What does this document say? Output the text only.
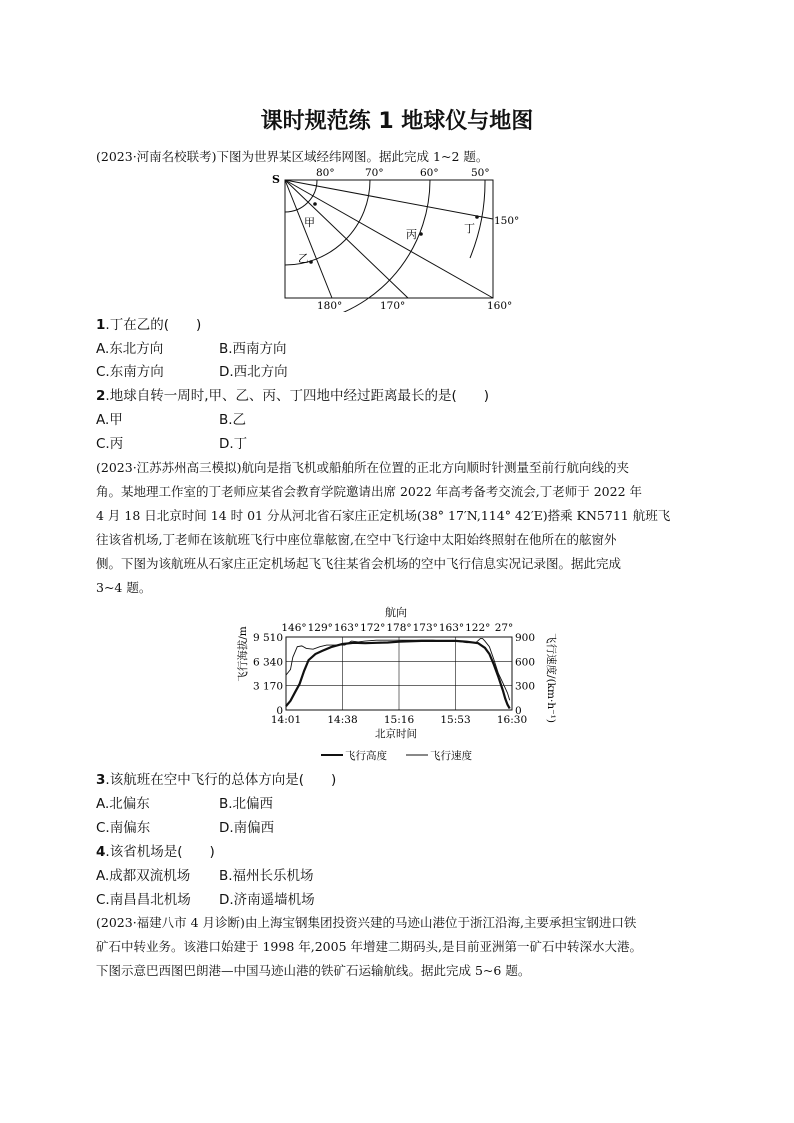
课时规范练 1 地球仪与地图

(2023·河南名校联考)下图为世界某区域经纬网图。据此完成 1~2 题。

S	80°	70°	60°	50°
150°
180°	170°	160°
甲
乙
丙	丁
1.丁在乙的(　　)
A.东北方向	B.西南方向
C.东南方向	D.西北方向
2.地球自转一周时,甲、乙、丙、丁四地中经过距离最长的是(　　)
A.甲	B.乙
C.丙	D.丁
(2023·江苏苏州高三模拟)航向是指飞机或船舶所在位置的正北方向顺时针测量至前行航向线的夹
角。某地理工作室的丁老师应某省会教育学院邀请出席 2022 年高考备考交流会,丁老师于 2022 年
4 月 18 日北京时间 14 时 01 分从河北省石家庄正定机场(38° 17′N,114° 42′E)搭乘 KN5711 航班飞
往该省机场,丁老师在该航班飞行中座位靠舷窗,在空中飞行途中太阳始终照射在他所在的舷窗外
侧。下图为该航班从石家庄正定机场起飞飞往某省会机场的空中飞行信息实况记录图。据此完成
3~4 题。
航向
146° 129° 163° 172° 178° 173° 163° 122° 27°
9 510
6 340
3 170
0
900
600
300
0
14:01 14:38 15:16 15:53 16:30
飞行海拔/m	飞行速度/(km·h⁻¹)
北京时间
飞行高度	飞行速度
3.该航班在空中飞行的总体方向是(　　)
A.北偏东	B.北偏西
C.南偏东	D.南偏西
4.该省机场是(　　)
A.成都双流机场 B.福州长乐机场
C.南昌昌北机场 D.济南遥墙机场
(2023·福建八市 4 月诊断)由上海宝钢集团投资兴建的马迹山港位于浙江沿海,主要承担宝钢进口铁
矿石中转业务。该港口始建于 1998 年,2005 年增建二期码头,是目前亚洲第一矿石中转深水大港。
下图示意巴西图巴朗港—中国马迹山港的铁矿石运输航线。据此完成 5~6 题。
